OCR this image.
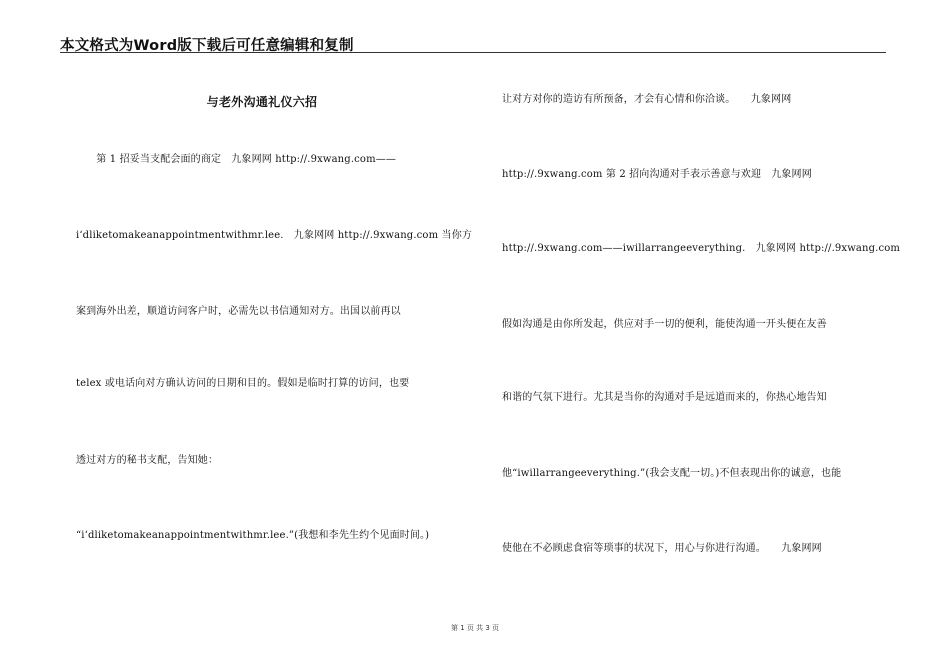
本文格式为Word版下载后可任意编辑和复制
与老外沟通礼仪六招
　　第 1 招妥当支配会面的商定　九象网网 http://.9xwang.com——
i‘dliketomakeanappointmentwithmr.lee.　九象网网 http://.9xwang.com 当你方
案到海外出差，顺道访问客户时，必需先以书信通知对方。出国以前再以
telex 或电话向对方确认访问的日期和目的。假如是临时打算的访问，也要
透过对方的秘书支配，告知她：
“i‘dliketomakeanappointmentwithmr.lee.”(我想和李先生约个见面时间。)
让对方对你的造访有所预备，才会有心情和你洽谈。　　九象网网
http://.9xwang.com 第 2 招向沟通对手表示善意与欢迎　九象网网
http://.9xwang.com——iwillarrangeeverything.　九象网网 http://.9xwang.com
假如沟通是由你所发起，供应对手一切的便利，能使沟通一开头便在友善
和谐的气氛下进行。尤其是当你的沟通对手是远道而来的，你热心地告知
他“iwillarrangeeverything.”(我会支配一切。)不但表现出你的诚意，也能
使他在不必顾虑食宿等琐事的状况下，用心与你进行沟通。　　九象网网
第 1 页 共 3 页
